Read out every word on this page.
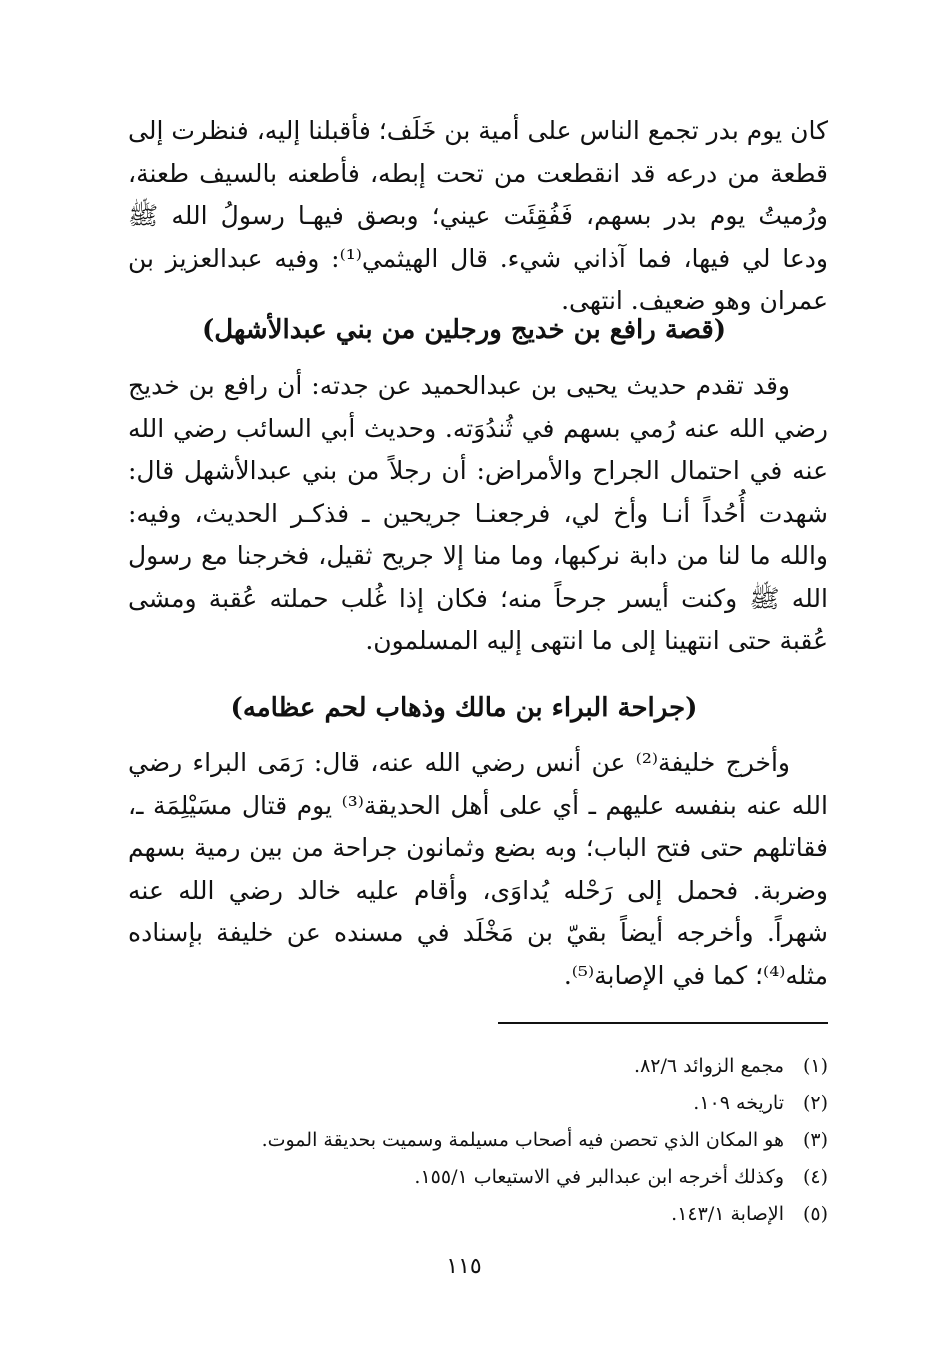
كان يوم بدر تجمع الناس على أمية بن خَلَف؛ فأقبلنا إليه، فنظرت إلى قطعة من درعه قد انقطعت من تحت إبطه، فأطعنه بالسيف طعنة، ورُميتُ يوم بدر بسهم، فَفُقِئَت عيني؛ وبصق فيهـا رسولُ الله ﷺ ودعا لي فيها، فما آذاني شيء. قال الهيثمي⁽¹⁾: وفيه عبدالعزيز بن عمران وهو ضعيف. انتهى.

(قصة رافع بن خديج ورجلين من بني عبدالأشهل)

وقد تقدم حديث يحيى بن عبدالحميد عن جدته: أن رافع بن خديج رضي الله عنه رُمي بسهم في ثُندُوَته. وحديث أبي السائب رضي الله عنه في احتمال الجراح والأمراض: أن رجلاً من بني عبدالأشهل قال: شهدت أُحُداً أنـا وأخ لي، فرجعنـا جريحين ـ فذكـر الحديث، وفيه: والله ما لنا من دابة نركبها، وما منا إلا جريح ثقيل، فخرجنا مع رسول الله ﷺ وكنت أيسر جرحاً منه؛ فكان إذا غُلب حملته عُقبة ومشى عُقبة حتى انتهينا إلى ما انتهى إليه المسلمون.

(جراحة البراء بن مالك وذهاب لحم عظامه)

وأخرج خليفة⁽²⁾ عن أنس رضي الله عنه، قال: رَمَى البراء رضي الله عنه بنفسه عليهم ـ أي على أهل الحديقة⁽³⁾ يوم قتال مسَيْلِمَة ـ، فقاتلهم حتى فتح الباب؛ وبه بضع وثمانون جراحة من بين رمية بسهم وضربة. فحمل إلى رَحْله يُداوَى، وأقام عليه خالد رضي الله عنه شهراً. وأخرجه أيضاً بقيّ بن مَخْلَد في مسنده عن خليفة بإسناده مثله⁽⁴⁾؛ كما في الإصابة⁽⁵⁾.

(١)
مجمع الزوائد ٨٢/٦.
(٢)
تاريخه ١٠٩.
(٣)
هو المكان الذي تحصن فيه أصحاب مسيلمة وسميت بحديقة الموت.
(٤)
وكذلك أخرجه ابن عبدالبر في الاستيعاب ١٥٥/١.
(٥)
الإصابة ١٤٣/١.
١١٥
